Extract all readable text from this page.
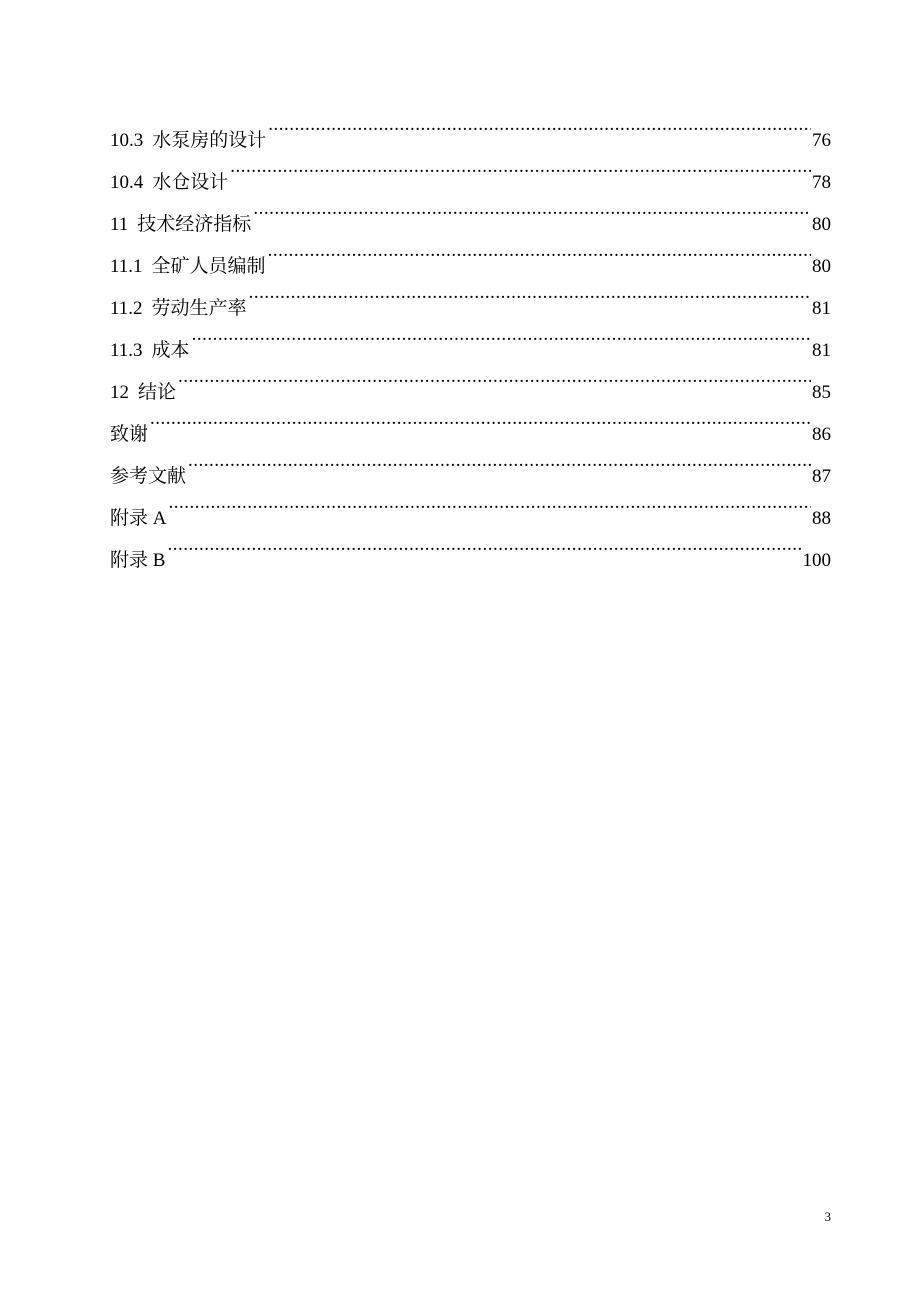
10.3 水泵房的设计 .....	76
10.4 水仓设计 .....	78
11 技术经济指标 .....	80
11.1 全矿人员编制 .....	80
11.2 劳动生产率 .....	81
11.3 成本 .....	81
12 结论 .....	85
致谢 .....	86
参考文献 .....	87
附录 A .....	88
附录 B .....	100
3
